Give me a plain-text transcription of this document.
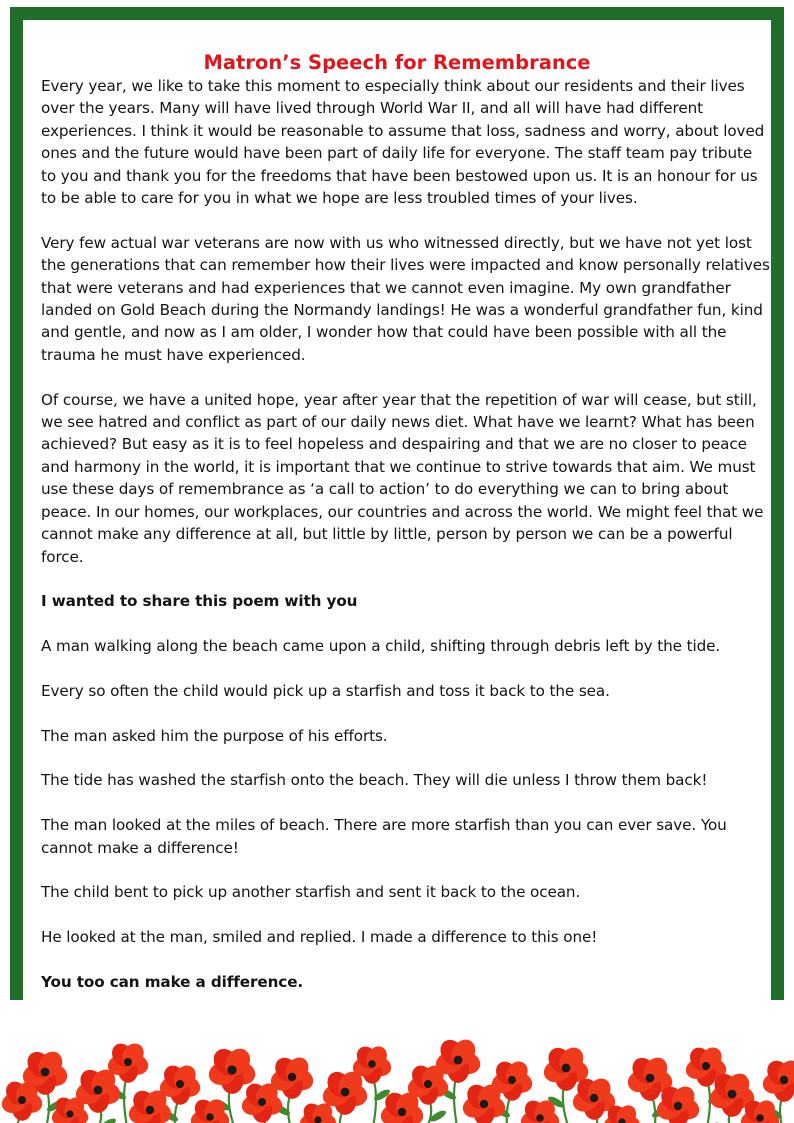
Matron’s Speech for Remembrance

Every year, we like to take this moment to especially think about our residents and their lives over the years. Many will have lived through World War II, and all will have had different experiences. I think it would be reasonable to assume that loss, sadness and worry, about loved ones and the future would have been part of daily life for everyone. The staff team pay tribute to you and thank you for the freedoms that have been bestowed upon us. It is an honour for us to be able to care for you in what we hope are less troubled times of your lives.

Very few actual war veterans are now with us who witnessed directly, but we have not yet lost the generations that can remember how their lives were impacted and know personally relatives that were veterans and had experiences that we cannot even imagine. My own grandfather landed on Gold Beach during the Normandy landings! He was a wonderful grandfather fun, kind and gentle, and now as I am older, I wonder how that could have been possible with all the trauma he must have experienced.

Of course, we have a united hope, year after year that the repetition of war will cease, but still, we see hatred and conflict as part of our daily news diet. What have we learnt? What has been achieved? But easy as it is to feel hopeless and despairing and that we are no closer to peace and harmony in the world, it is important that we continue to strive towards that aim. We must use these days of remembrance as ‘a call to action’ to do everything we can to bring about peace. In our homes, our workplaces, our countries and across the world. We might feel that we cannot make any difference at all, but little by little, person by person we can be a powerful force.

I wanted to share this poem with you

A man walking along the beach came upon a child, shifting through debris left by the tide.

Every so often the child would pick up a starfish and toss it back to the sea.

The man asked him the purpose of his efforts.

The tide has washed the starfish onto the beach. They will die unless I throw them back!

The man looked at the miles of beach. There are more starfish than you can ever save. You cannot make a difference!

The child bent to pick up another starfish and sent it back to the ocean.

He looked at the man, smiled and replied. I made a difference to this one!

You too can make a difference.
